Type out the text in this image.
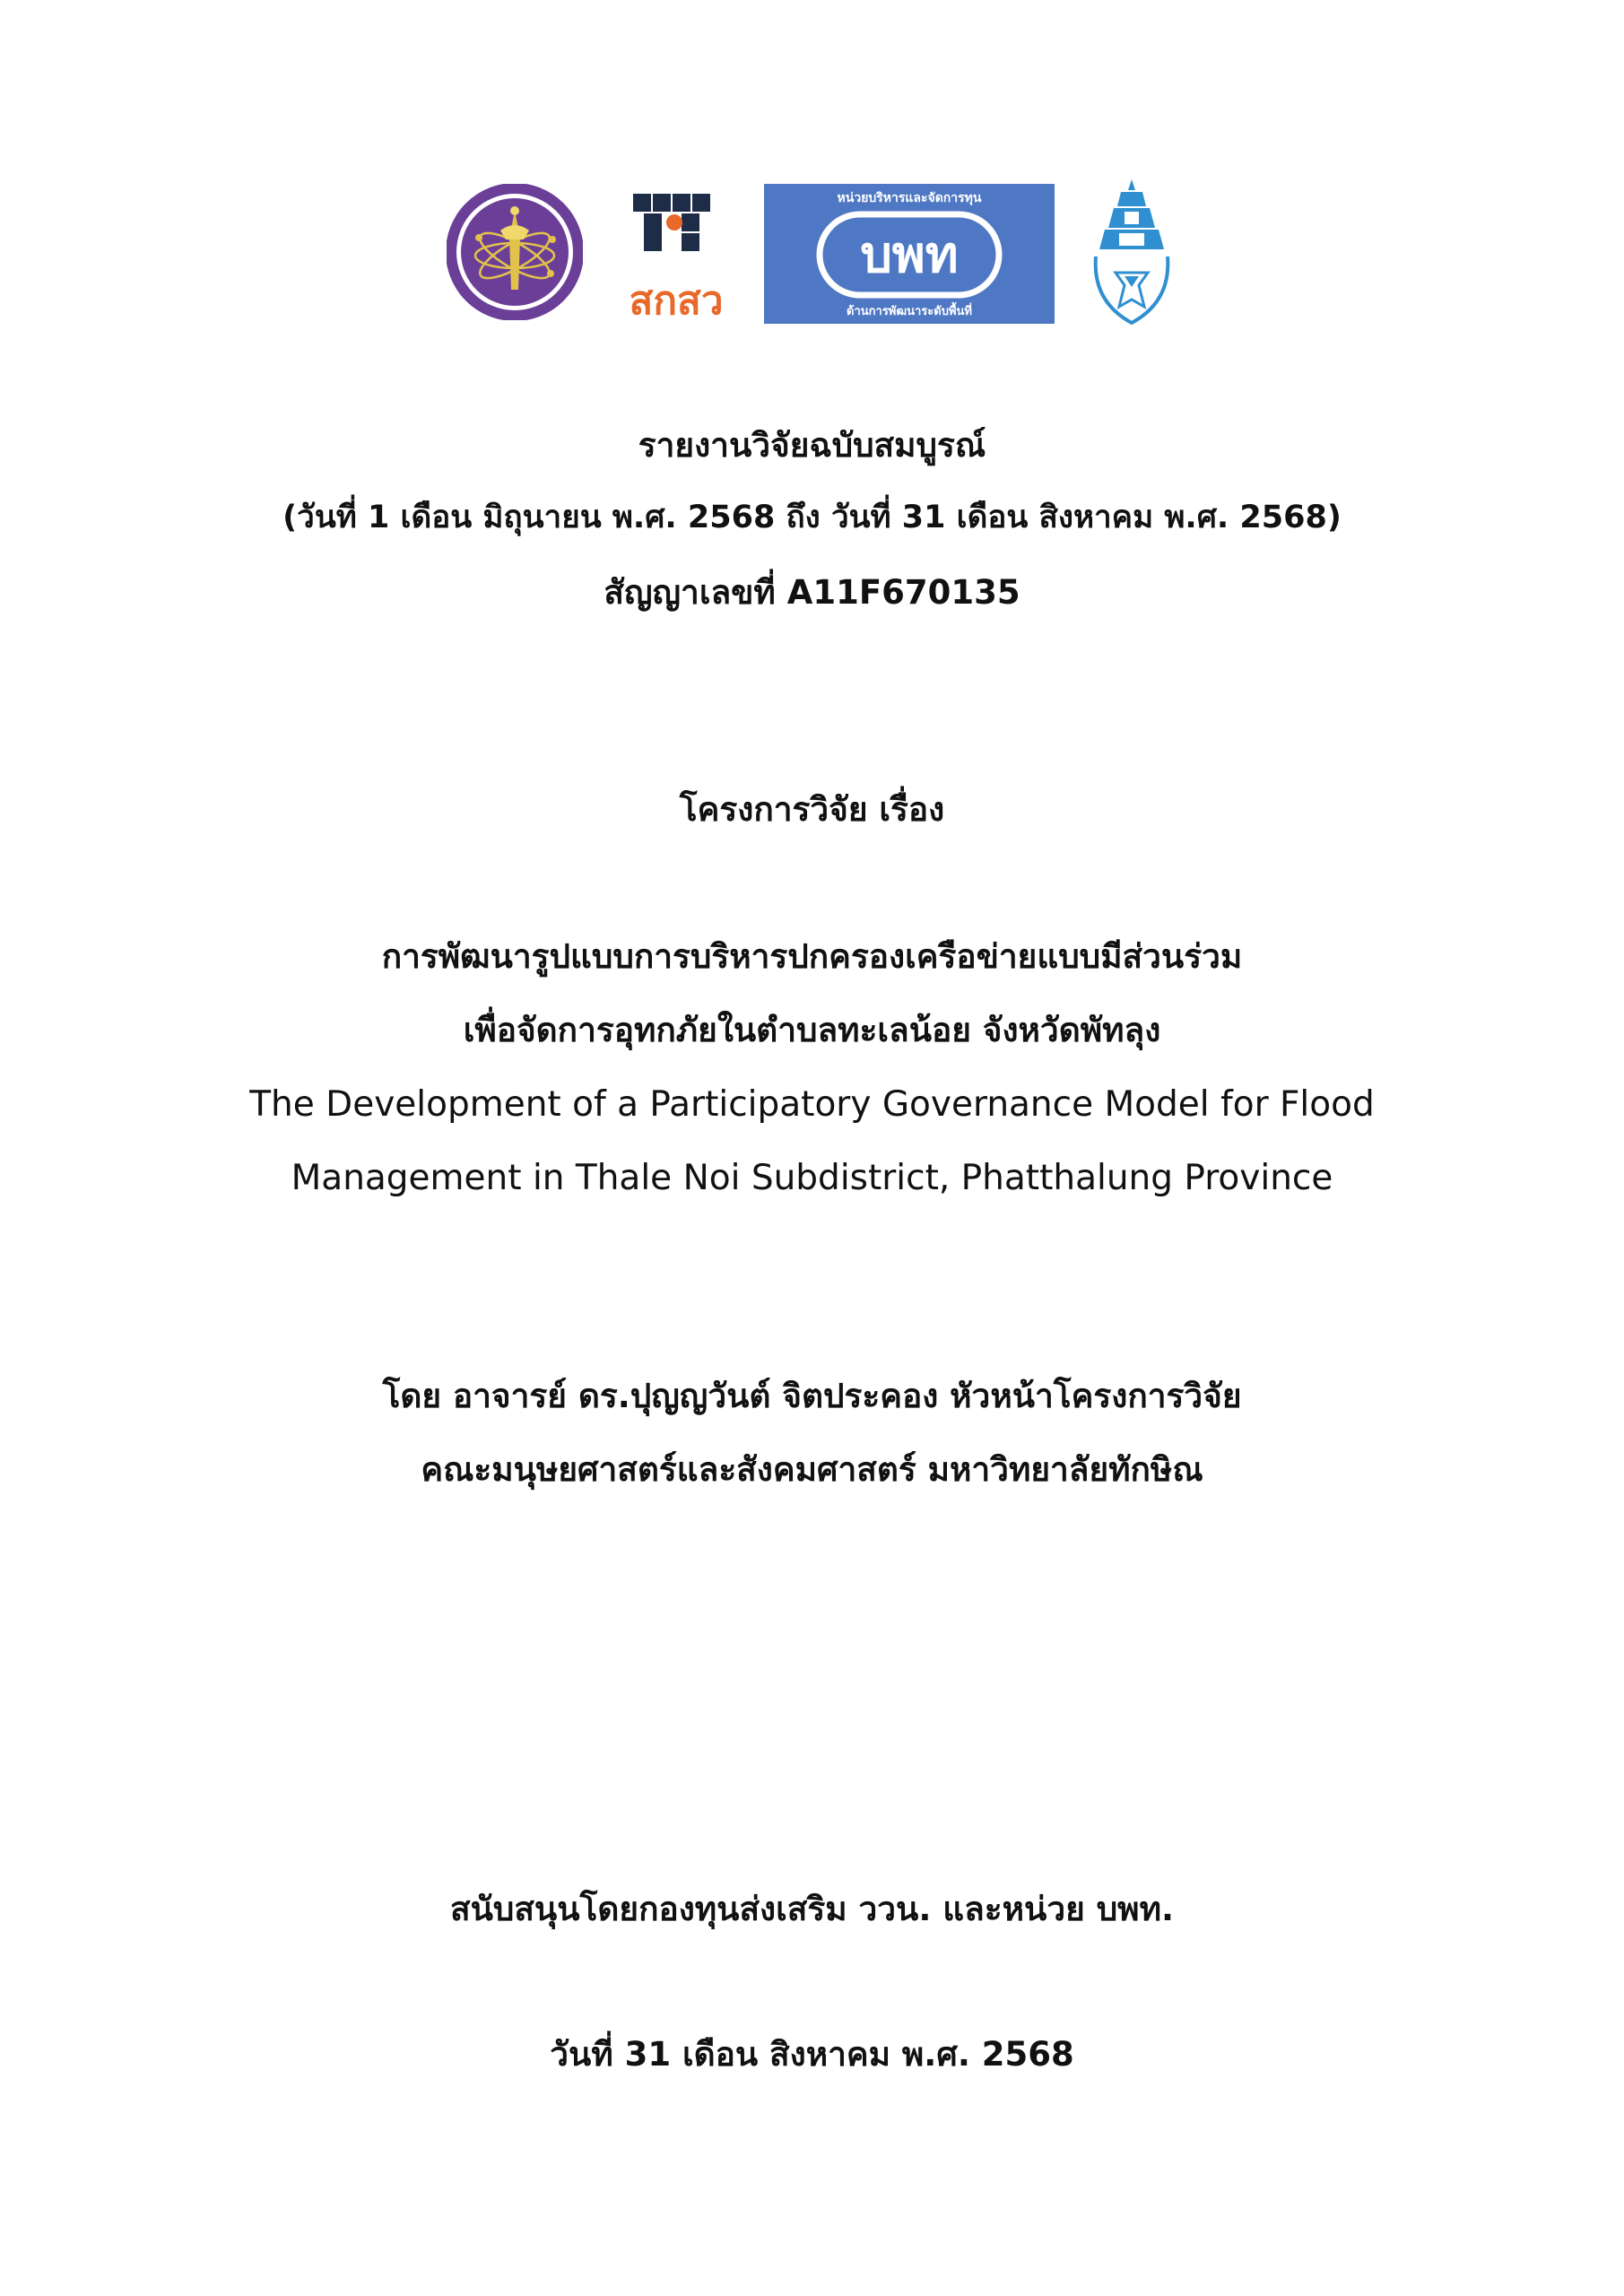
สกสว
หน่วยบริหารและจัดการทุน
บพท
ด้านการพัฒนาระดับพื้นที่
รายงานวิจัยฉบับสมบูรณ์
(วันที่ 1 เดือน มิถุนายน พ.ศ. 2568 ถึง วันที่ 31 เดือน สิงหาคม พ.ศ. 2568)
สัญญาเลขที่ A11F670135
โครงการวิจัย เรื่อง
การพัฒนารูปแบบการบริหารปกครองเครือข่ายแบบมีส่วนร่วม
เพื่อจัดการอุทกภัยในตำบลทะเลน้อย จังหวัดพัทลุง
The Development of a Participatory Governance Model for Flood
Management in Thale Noi Subdistrict, Phatthalung Province
โดย อาจารย์ ดร.ปุญญวันต์ จิตประคอง หัวหน้าโครงการวิจัย
คณะมนุษยศาสตร์และสังคมศาสตร์ มหาวิทยาลัยทักษิณ
สนับสนุนโดยกองทุนส่งเสริม ววน. และหน่วย บพท.
วันที่ 31 เดือน สิงหาคม พ.ศ. 2568
